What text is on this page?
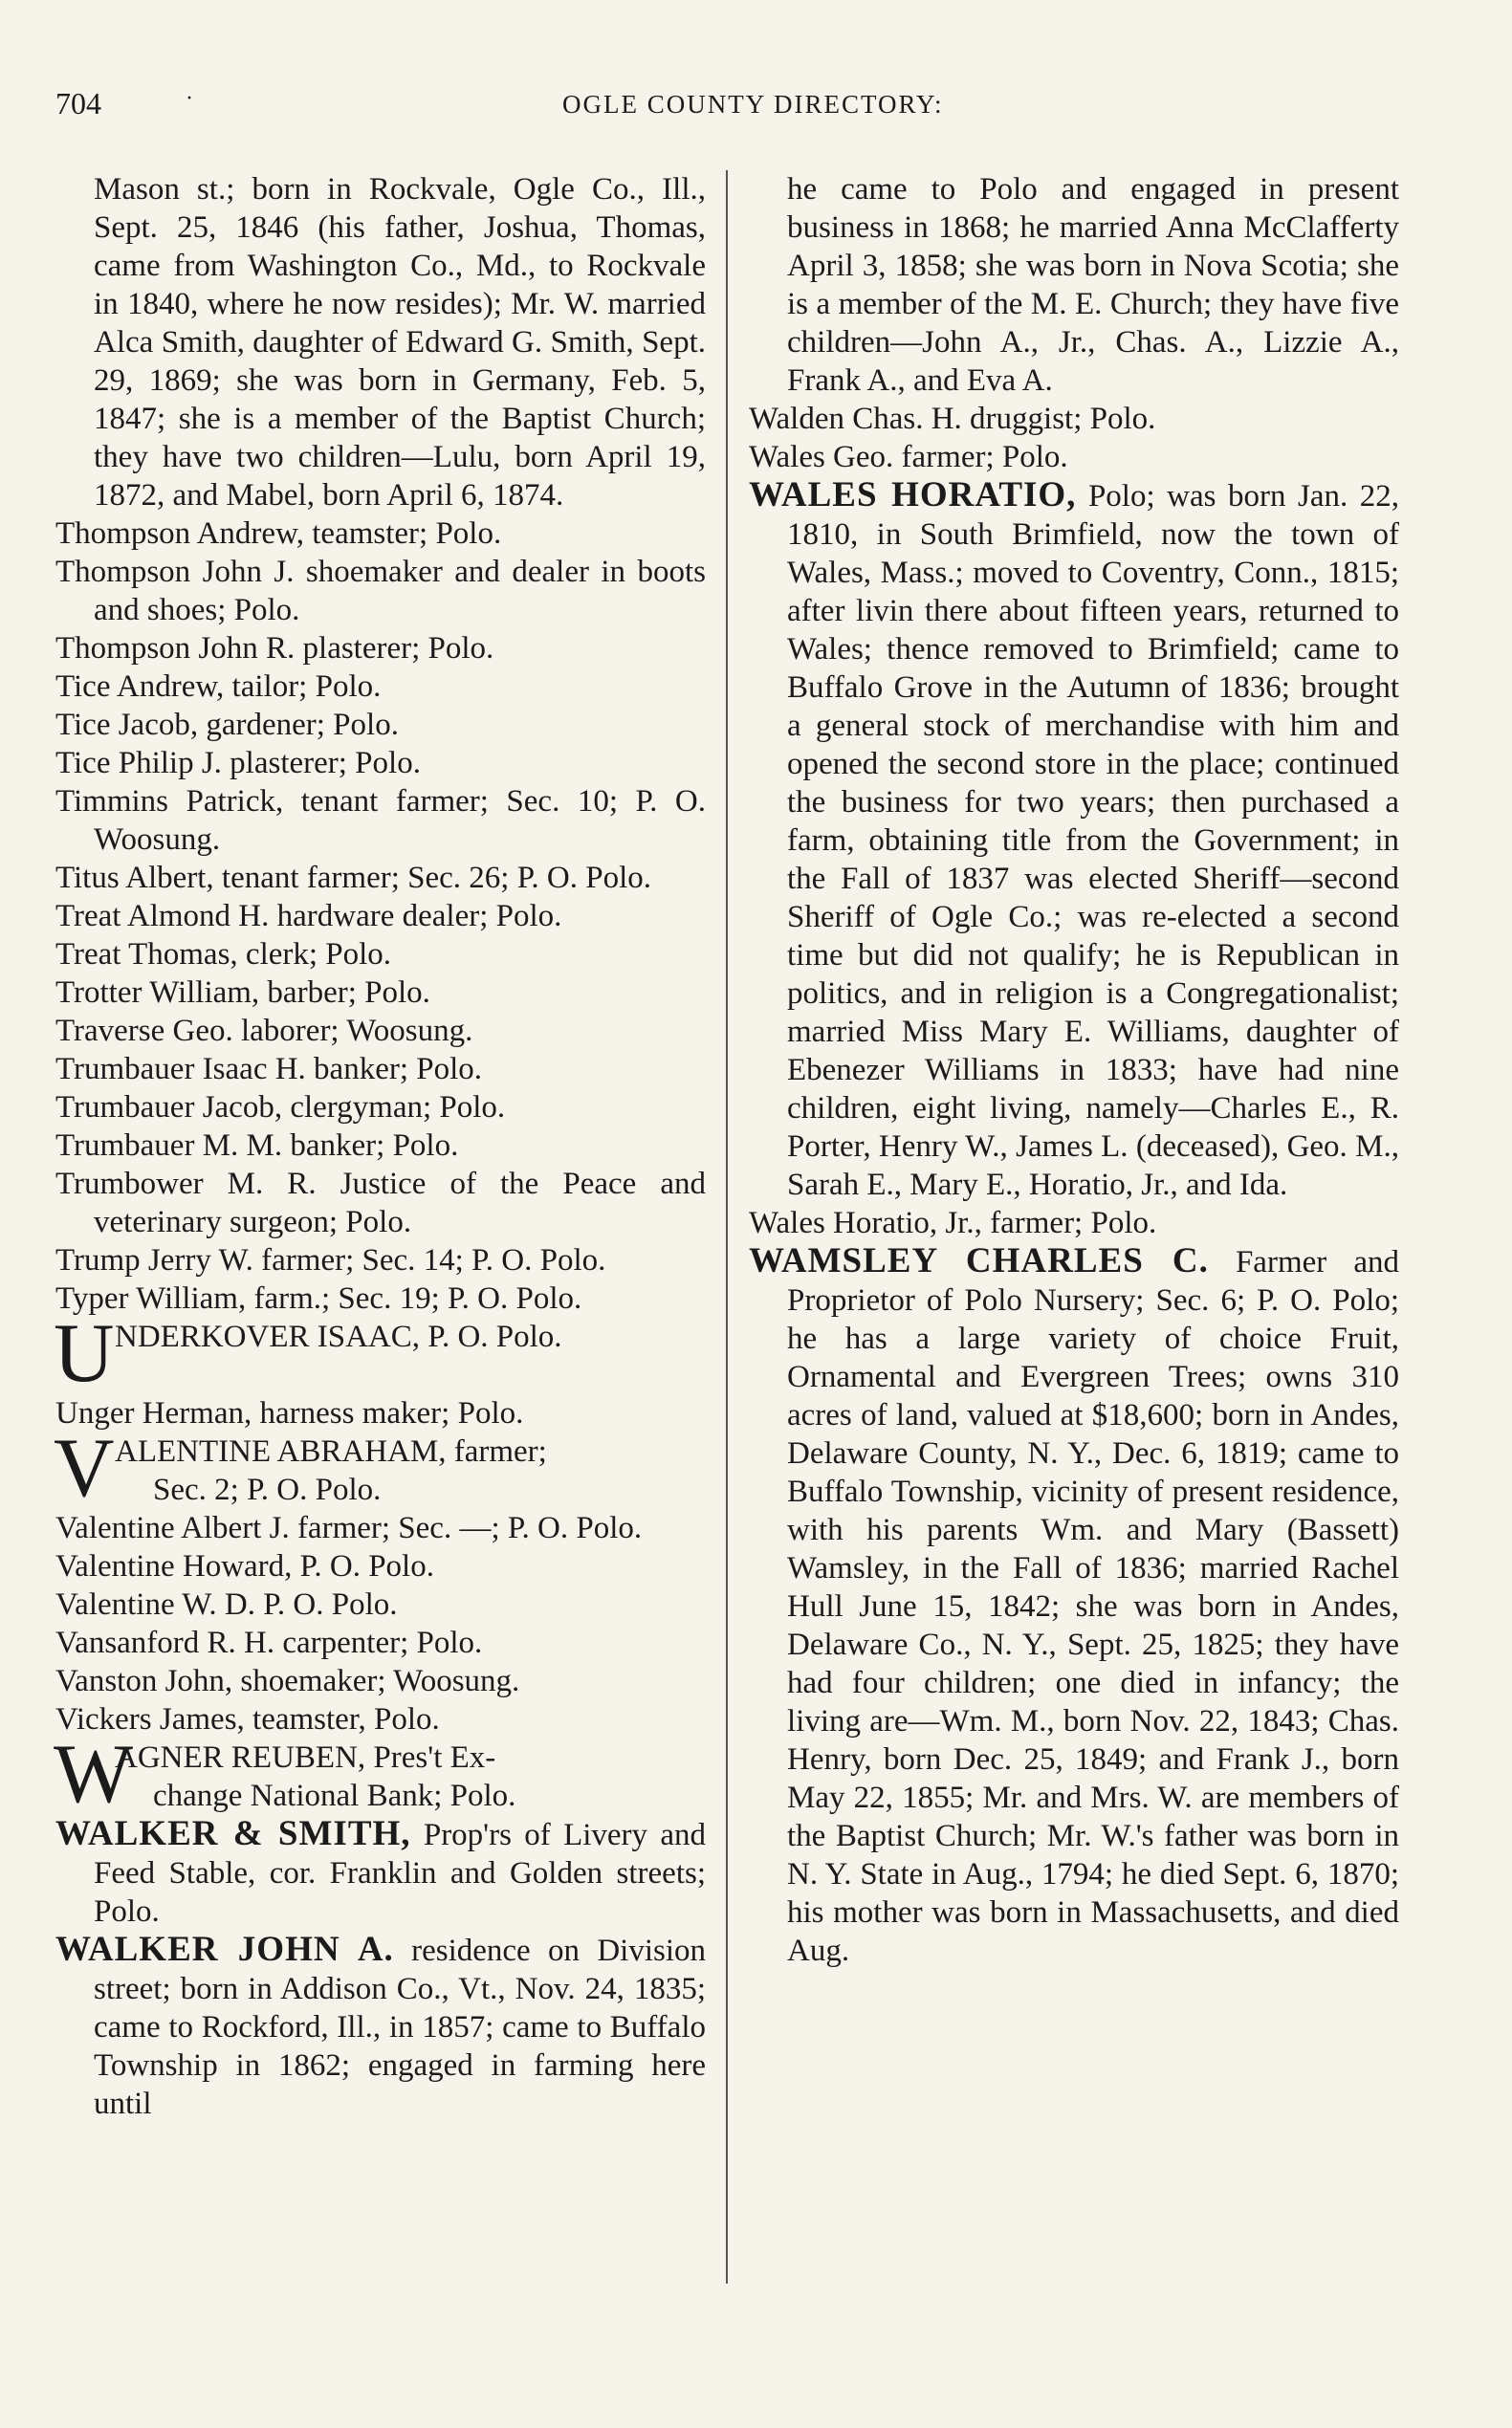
704	·	OGLE COUNTY DIRECTORY:
Mason st.; born in Rockvale, Ogle Co., Ill., Sept. 25, 1846 (his father, Joshua, Thomas, came from Washington Co., Md., to Rockvale in 1840, where he now resides); Mr. W. married Alca Smith, daughter of Edward G. Smith, Sept. 29, 1869; she was born in Germany, Feb. 5, 1847; she is a member of the Baptist Church; they have two children—Lulu, born April 19, 1872, and Mabel, born April 6, 1874.
Thompson Andrew, teamster; Polo.
Thompson John J. shoemaker and dealer in boots and shoes; Polo.
Thompson John R. plasterer; Polo.
Tice Andrew, tailor; Polo.
Tice Jacob, gardener; Polo.
Tice Philip J. plasterer; Polo.
Timmins Patrick, tenant farmer; Sec. 10; P. O. Woosung.
Titus Albert, tenant farmer; Sec. 26; P. O. Polo.
Treat Almond H. hardware dealer; Polo.
Treat Thomas, clerk; Polo.
Trotter William, barber; Polo.
Traverse Geo. laborer; Woosung.
Trumbauer Isaac H. banker; Polo.
Trumbauer Jacob, clergyman; Polo.
Trumbauer M. M. banker; Polo.
Trumbower M. R. Justice of the Peace and veterinary surgeon; Polo.
Trump Jerry W. farmer; Sec. 14; P. O. Polo.
Typer William, farm.; Sec. 19; P. O. Polo.
U NDERKOVER ISAAC, P. O. Polo.
Unger Herman, harness maker; Polo.
V ALENTINE ABRAHAM, farmer;
Sec. 2; P. O. Polo.
Valentine Albert J. farmer; Sec. —; P. O. Polo.
Valentine Howard, P. O. Polo.
Valentine W. D. P. O. Polo.
Vansanford R. H. carpenter; Polo.
Vanston John, shoemaker; Woosung.
Vickers James, teamster, Polo.
W
AGNER REUBEN, Pres't Ex-
change National Bank; Polo.
WALKER & SMITH, Prop'rs of Livery and Feed Stable, cor. Franklin and Golden streets; Polo.
WALKER JOHN A. residence on Division street; born in Addison Co., Vt., Nov. 24, 1835; came to Rockford, Ill., in 1857; came to Buffalo Township in 1862; engaged in farming here until
he came to Polo and engaged in present business in 1868; he married Anna McClafferty April 3, 1858; she was born in Nova Scotia; she is a member of the M. E. Church; they have five children—John A., Jr., Chas. A., Lizzie A., Frank A., and Eva A.
Walden Chas. H. druggist; Polo.
Wales Geo. farmer; Polo.
WALES HORATIO, Polo; was born Jan. 22, 1810, in South Brimfield, now the town of Wales, Mass.; moved to Coventry, Conn., 1815; after livin there about fifteen years, returned to Wales; thence removed to Brimfield; came to Buffalo Grove in the Autumn of 1836; brought a general stock of merchandise with him and opened the second store in the place; continued the business for two years; then purchased a farm, obtaining title from the Government; in the Fall of 1837 was elected Sheriff—second Sheriff of Ogle Co.; was re-elected a second time but did not qualify; he is Republican in politics, and in religion is a Congregationalist; married Miss Mary E. Williams, daughter of Ebenezer Williams in 1833; have had nine children, eight living, namely—Charles E., R. Porter, Henry W., James L. (deceased), Geo. M., Sarah E., Mary E., Horatio, Jr., and Ida.
Wales Horatio, Jr., farmer; Polo.
WAMSLEY CHARLES C. Farmer and Proprietor of Polo Nursery; Sec. 6; P. O. Polo; he has a large variety of choice Fruit, Ornamental and Evergreen Trees; owns 310 acres of land, valued at $18,600; born in Andes, Delaware County, N. Y., Dec. 6, 1819; came to Buffalo Township, vicinity of present residence, with his parents Wm. and Mary (Bassett) Wamsley, in the Fall of 1836; married Rachel Hull June 15, 1842; she was born in Andes, Delaware Co., N. Y., Sept. 25, 1825; they have had four children; one died in infancy; the living are—Wm. M., born Nov. 22, 1843; Chas. Henry, born Dec. 25, 1849; and Frank J., born May 22, 1855; Mr. and Mrs. W. are members of the Baptist Church; Mr. W.'s father was born in N. Y. State in Aug., 1794; he died Sept. 6, 1870; his mother was born in Massachusetts, and died Aug.
